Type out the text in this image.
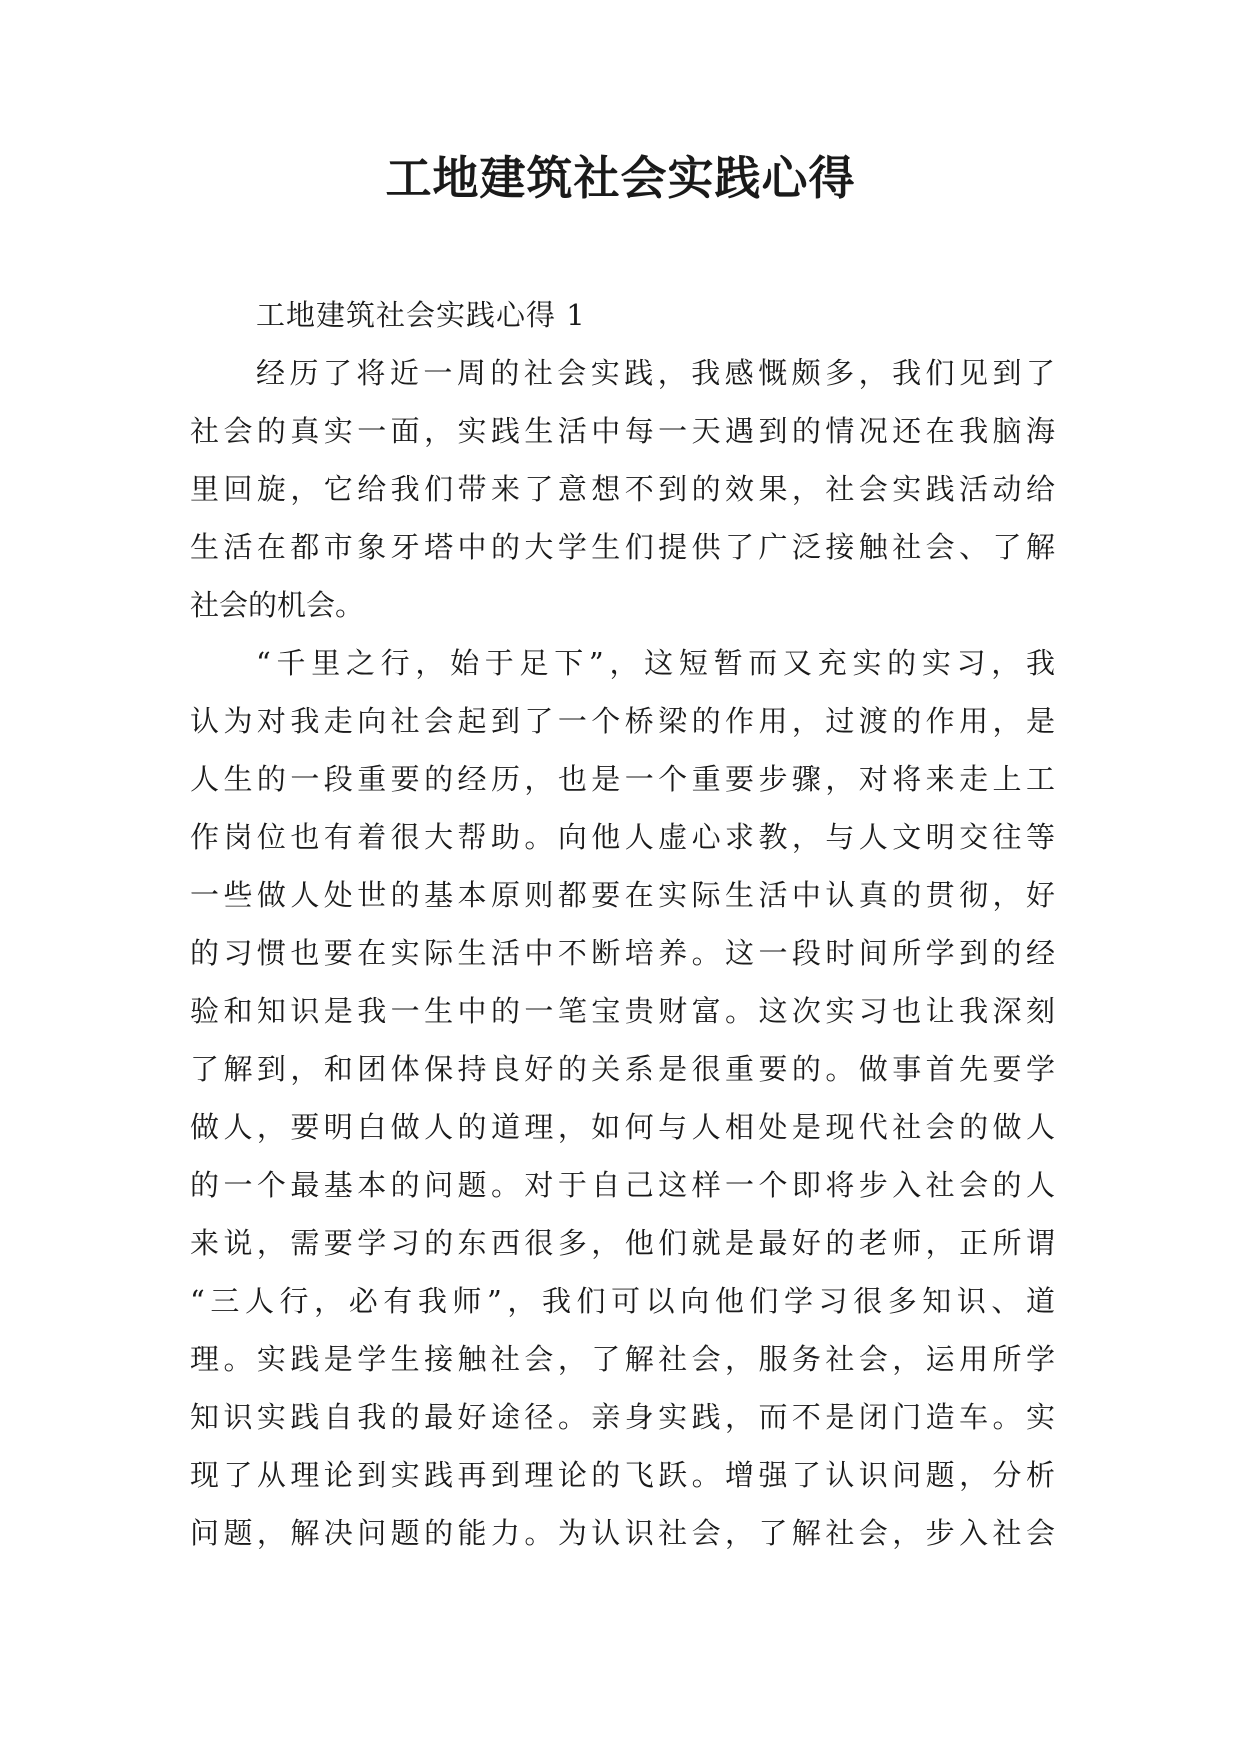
工地建筑社会实践心得
工地建筑社会实践心得 1
经历了将近一周的社会实践，我感慨颇多，我们见到了
社会的真实一面，实践生活中每一天遇到的情况还在我脑海
里回旋，它给我们带来了意想不到的效果，社会实践活动给
生活在都市象牙塔中的大学生们提供了广泛接触社会、了解
社会的机会。
“千里之行，始于足下”，这短暂而又充实的实习，我
认为对我走向社会起到了一个桥梁的作用，过渡的作用，是
人生的一段重要的经历，也是一个重要步骤，对将来走上工
作岗位也有着很大帮助。向他人虚心求教，与人文明交往等
一些做人处世的基本原则都要在实际生活中认真的贯彻，好
的习惯也要在实际生活中不断培养。这一段时间所学到的经
验和知识是我一生中的一笔宝贵财富。这次实习也让我深刻
了解到，和团体保持良好的关系是很重要的。做事首先要学
做人，要明白做人的道理，如何与人相处是现代社会的做人
的一个最基本的问题。对于自己这样一个即将步入社会的人
来说，需要学习的东西很多，他们就是最好的老师，正所谓
“三人行，必有我师”，我们可以向他们学习很多知识、道
理。实践是学生接触社会，了解社会，服务社会，运用所学
知识实践自我的最好途径。亲身实践，而不是闭门造车。实
现了从理论到实践再到理论的飞跃。增强了认识问题，分析
问题，解决问题的能力。为认识社会，了解社会，步入社会
